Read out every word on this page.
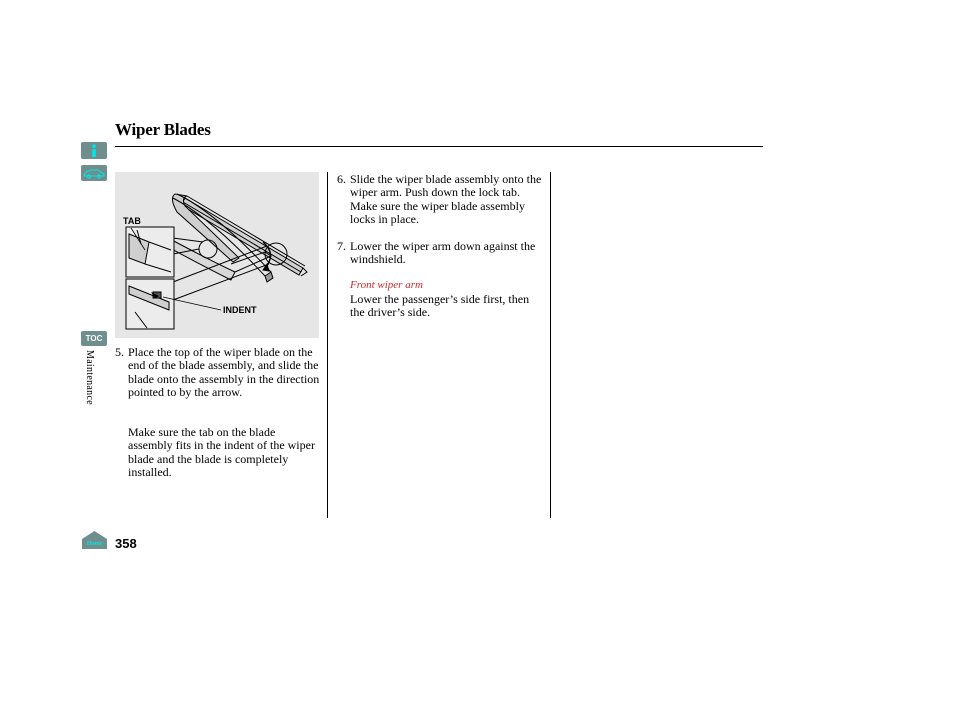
Wiper Blades
TOC
Maintenance
Home 358
TAB
INDENT
5. Place the top of the wiper blade on the end of the blade assembly, and slide the blade onto the assembly in the direction pointed to by the arrow.
Make sure the tab on the blade assembly fits in the indent of the wiper blade and the blade is completely installed.
6. Slide the wiper blade assembly onto the wiper arm. Push down the lock tab. Make sure the wiper blade assembly locks in place.
7. Lower the wiper arm down against the windshield.
Front wiper arm
Lower the passenger’s side first, then the driver’s side.
